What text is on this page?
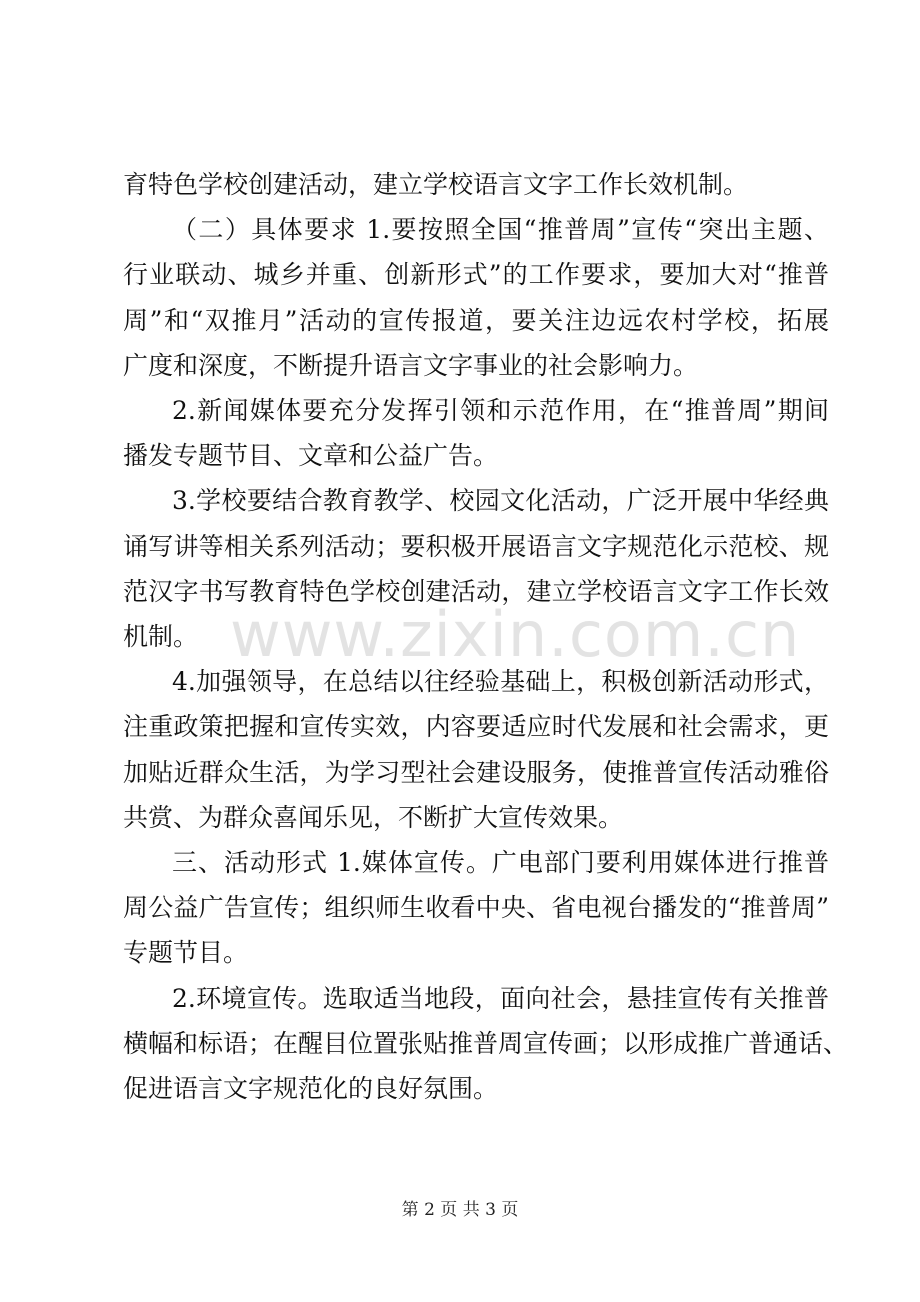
www.zixin.com.cn
育特色学校创建活动，建立学校语言文字工作长效机制。
（二）具体要求 1.要按照全国“推普周”宣传“突出主题、
行业联动、城乡并重、创新形式”的工作要求，要加大对“推普
周”和“双推月”活动的宣传报道，要关注边远农村学校，拓展
广度和深度，不断提升语言文字事业的社会影响力。
2.新闻媒体要充分发挥引领和示范作用，在“推普周”期间
播发专题节目、文章和公益广告。
3.学校要结合教育教学、校园文化活动，广泛开展中华经典
诵写讲等相关系列活动；要积极开展语言文字规范化示范校、规
范汉字书写教育特色学校创建活动，建立学校语言文字工作长效
机制。
4.加强领导，在总结以往经验基础上，积极创新活动形式，
注重政策把握和宣传实效，内容要适应时代发展和社会需求，更
加贴近群众生活，为学习型社会建设服务，使推普宣传活动雅俗
共赏、为群众喜闻乐见，不断扩大宣传效果。
三、活动形式 1.媒体宣传。广电部门要利用媒体进行推普
周公益广告宣传；组织师生收看中央、省电视台播发的“推普周”
专题节目。
2.环境宣传。选取适当地段，面向社会，悬挂宣传有关推普
横幅和标语；在醒目位置张贴推普周宣传画；以形成推广普通话、
促进语言文字规范化的良好氛围。
第 2 页 共 3 页
